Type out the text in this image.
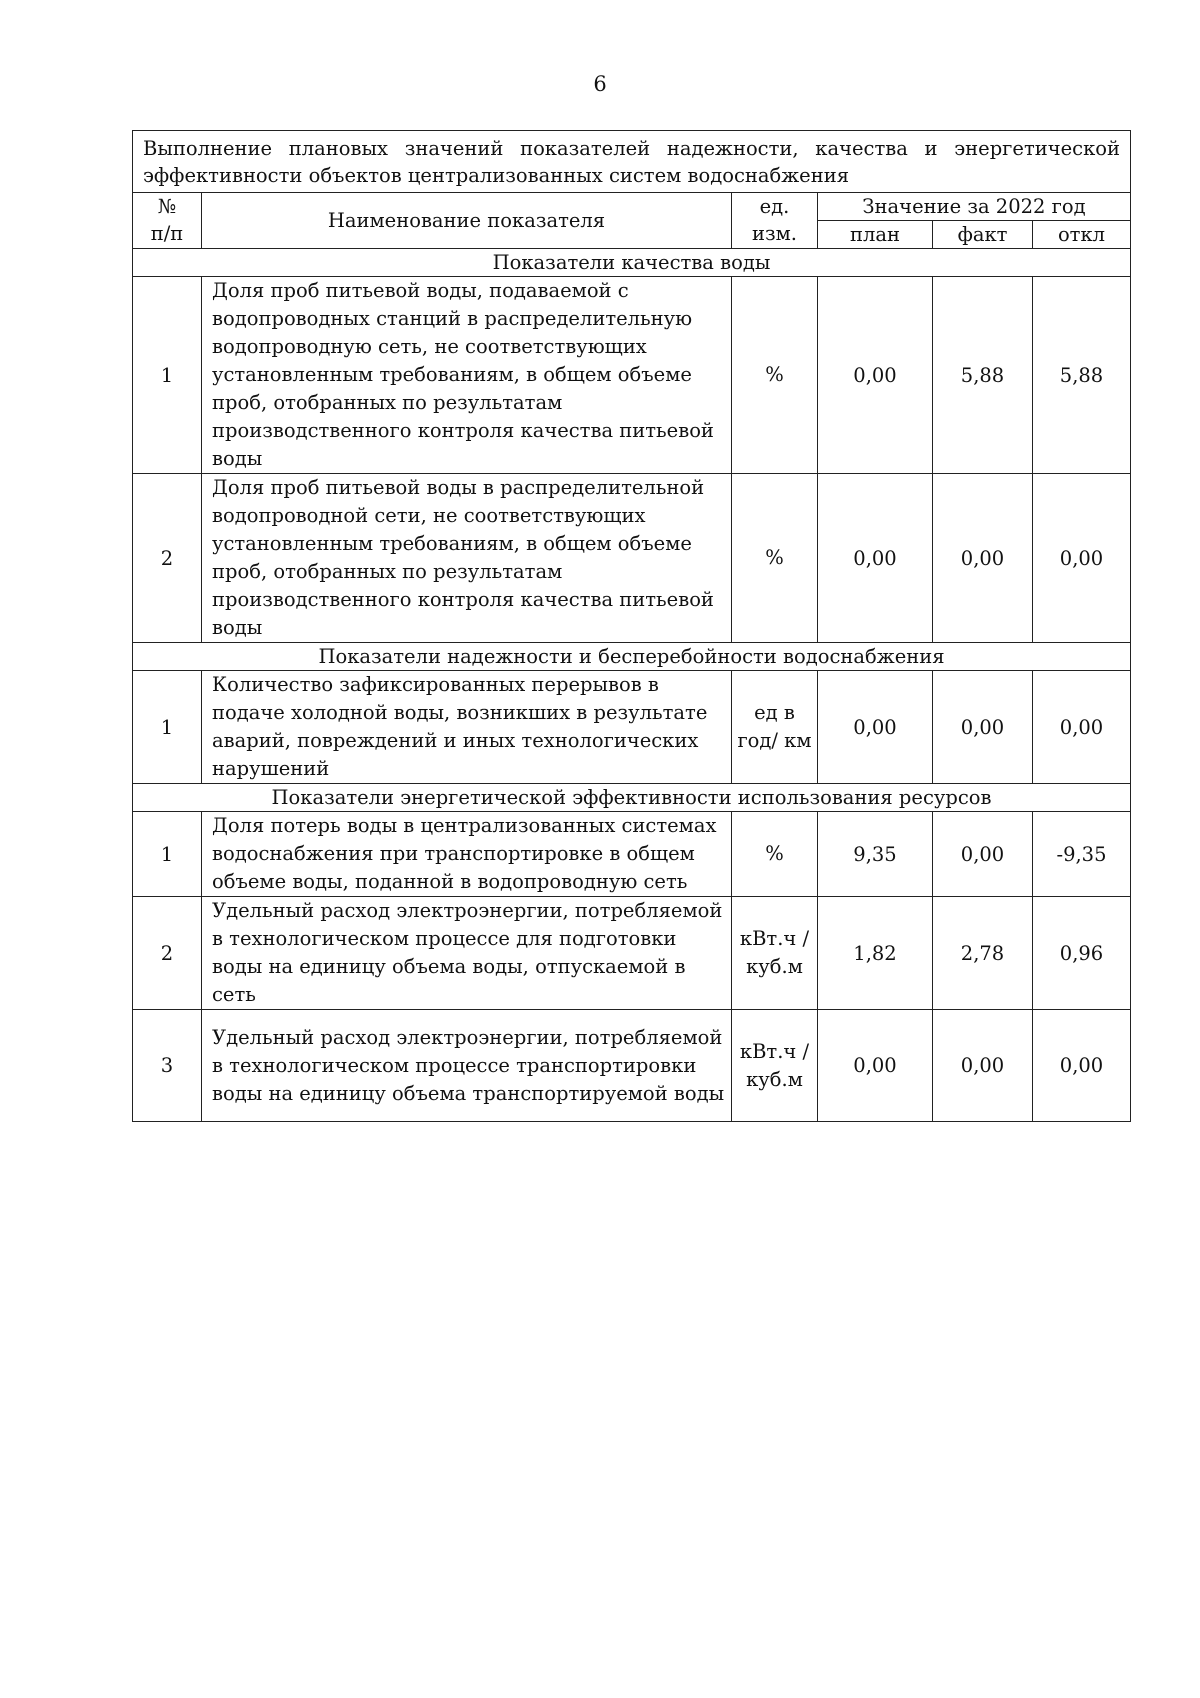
6
Выполнение плановых значений показателей надежности, качества и энергетической эффективности объектов централизованных систем водоснабжения					
№	Наименование показателя	ед.	Значение за 2022 год		
п/п		изм.	план	факт	откл
Показатели качества воды					
1	Доля проб питьевой воды, подаваемой с водопроводных станций в распределительную водопроводную сеть, не соответствующих установленным требованиям, в общем объеме проб, отобранных по результатам производственного контроля качества питьевой воды	%	0,00	5,88	5,88
2	Доля проб питьевой воды в распределительной водопроводной сети, не соответствующих установленным требованиям, в общем объеме проб, отобранных по результатам производственного контроля качества питьевой воды	%	0,00	0,00	0,00
Показатели надежности и бесперебойности водоснабжения					
1	Количество зафиксированных перерывов в подаче холодной воды, возникших в результате аварий, повреждений и иных технологических нарушений	ед в год/ км	0,00	0,00	0,00
Показатели энергетической эффективности использования ресурсов					
1	Доля потерь воды в централизованных системах водоснабжения при транспортировке в общем объеме воды, поданной в водопроводную сеть	%	9,35	0,00	-9,35
2	Удельный расход электроэнергии, потребляемой в технологическом процессе для подготовки воды на единицу объема воды, отпускаемой в сеть	кВт.ч / куб.м	1,82	2,78	0,96
3	Удельный расход электроэнергии, потребляемой в технологическом процессе транспортировки воды на единицу объема транспортируемой воды	кВт.ч / куб.м	0,00	0,00	0,00
